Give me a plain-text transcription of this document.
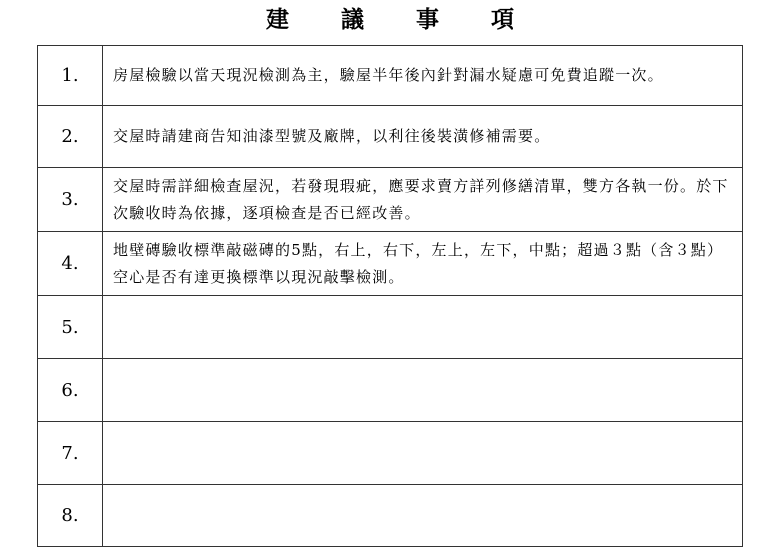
建 議 事 項
1.	房屋檢驗以當天現況檢測為主，驗屋半年後內針對漏水疑慮可免費追蹤一次。
2.	交屋時請建商告知油漆型號及廠牌，以利往後裝潢修補需要。
3.	交屋時需詳細檢查屋況，若發現瑕疵，應要求賣方詳列修繕清單，雙方各執一份。於下次驗收時為依據，逐項檢查是否已經改善。
4.	地壁磚驗收標準敲磁磚的5點，右上，右下，左上，左下，中點；超過３點（含３點）空心是否有達更換標準以現況敲擊檢測。
5.	
6.	
7.	
8.	
